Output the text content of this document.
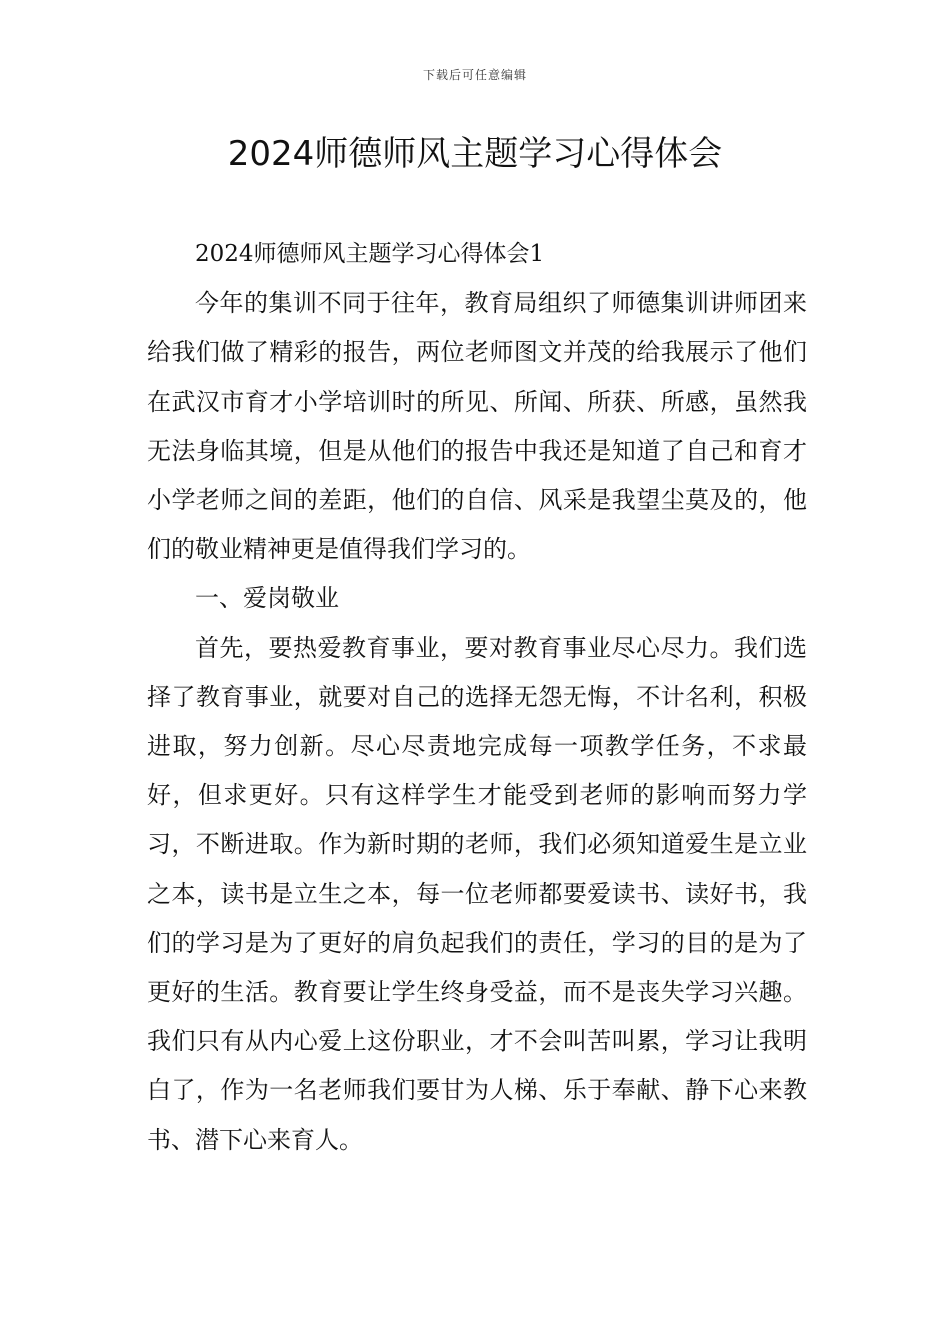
下载后可任意编辑
2024师德师风主题学习心得体会

2024师德师风主题学习心得体会1

今年的集训不同于往年，教育局组织了师德集训讲师团来给我们做了精彩的报告，两位老师图文并茂的给我展示了他们在武汉市育才小学培训时的所见、所闻、所获、所感，虽然我无法身临其境，但是从他们的报告中我还是知道了自己和育才小学老师之间的差距，他们的自信、风采是我望尘莫及的，他们的敬业精神更是值得我们学习的。

一、爱岗敬业

首先，要热爱教育事业，要对教育事业尽心尽力。我们选择了教育事业，就要对自己的选择无怨无悔，不计名利，积极进取，努力创新。尽心尽责地完成每一项教学任务，不求最好，但求更好。只有这样学生才能受到老师的影响而努力学习，不断进取。作为新时期的老师，我们必须知道爱生是立业之本，读书是立生之本，每一位老师都要爱读书、读好书，我们的学习是为了更好的肩负起我们的责任，学习的目的是为了更好的生活。教育要让学生终身受益，而不是丧失学习兴趣。我们只有从内心爱上这份职业，才不会叫苦叫累，学习让我明白了，作为一名老师我们要甘为人梯、乐于奉献、静下心来教书、潜下心来育人。
